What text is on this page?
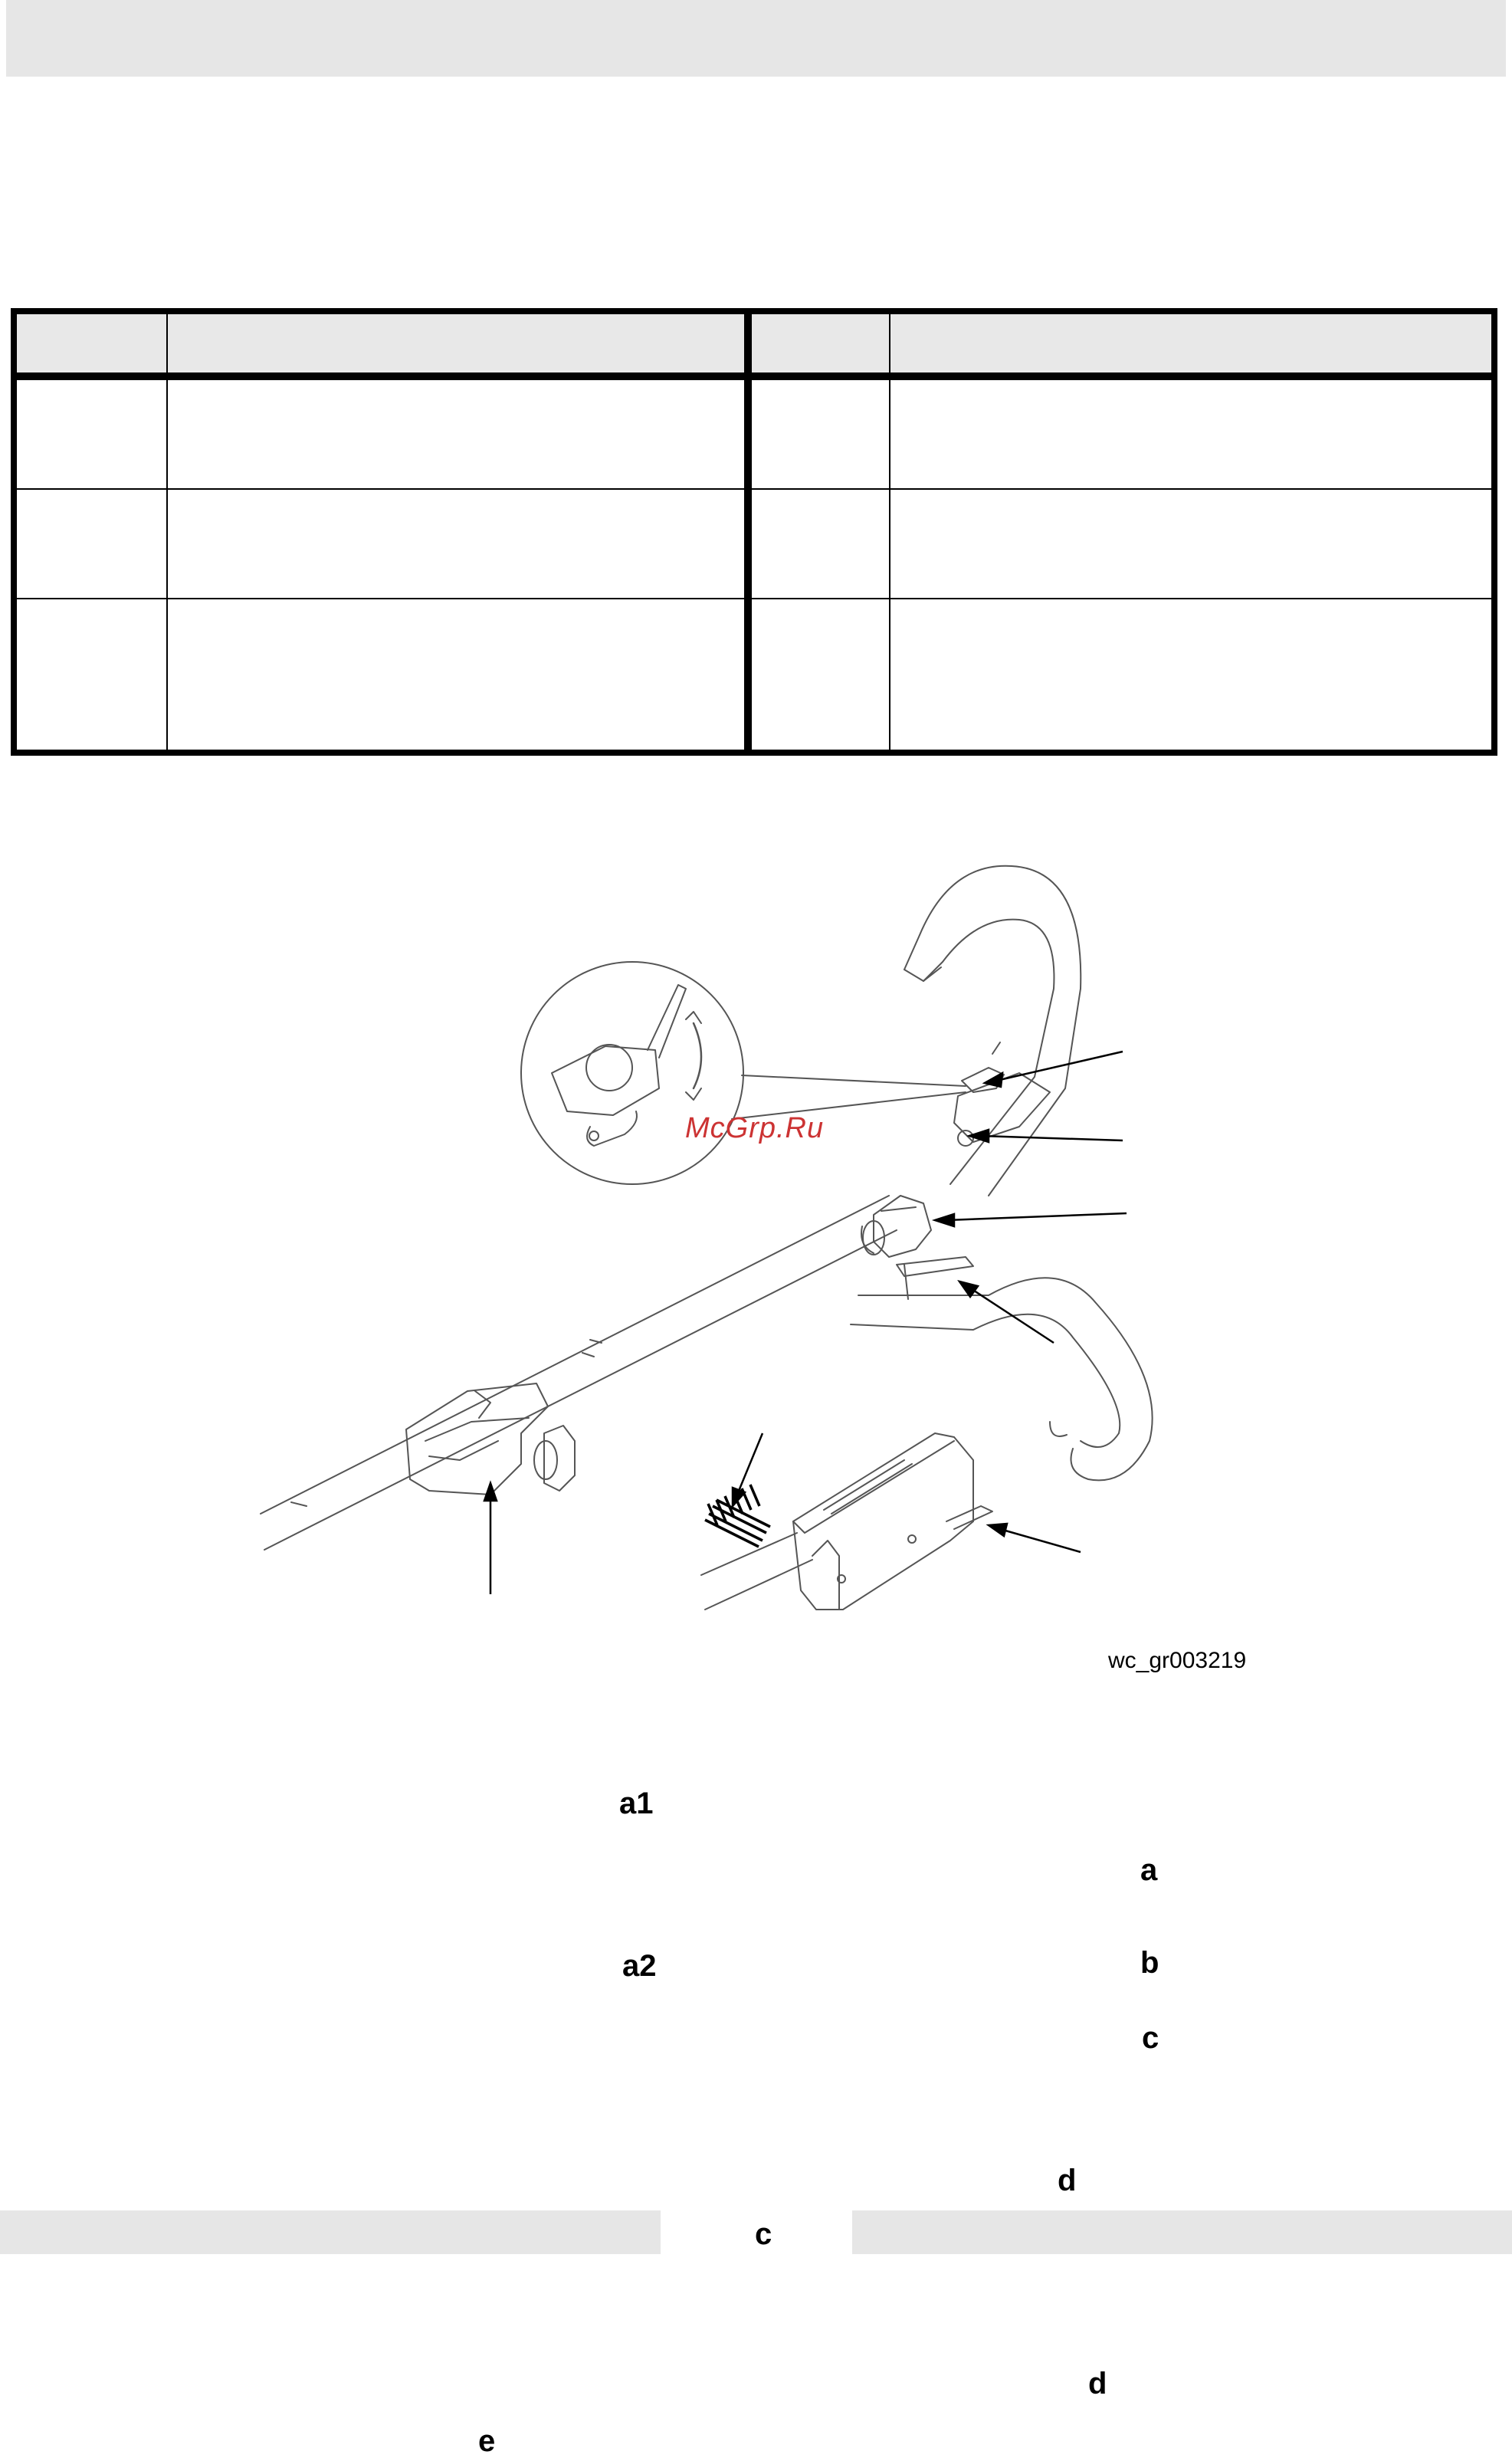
a1
a2
a
b
c
d
c
d
e
McGrp.Ru
wc_gr003219
